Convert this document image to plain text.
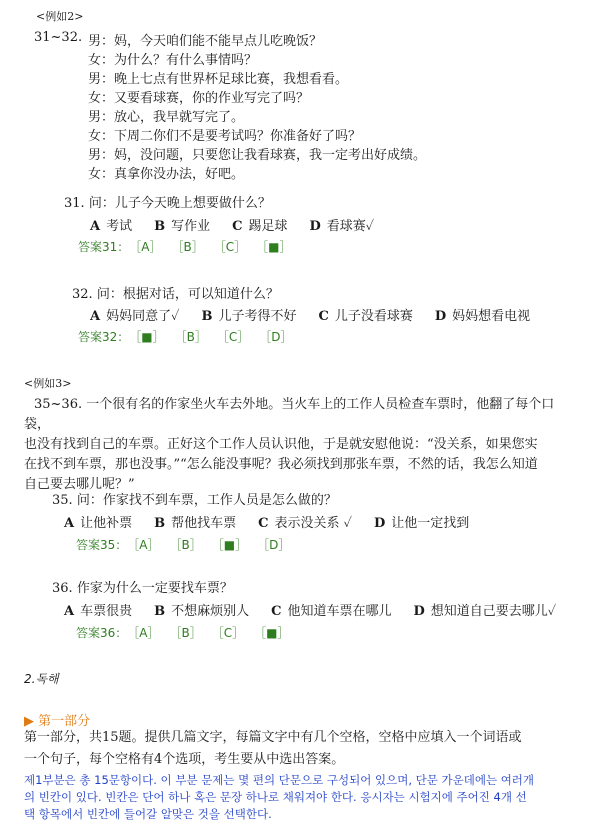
<例如2>
31~32. 男：妈，今天咱们能不能早点儿吃晚饭？
女：为什么？有什么事情吗？
男：晚上七点有世界杯足球比赛，我想看看。
女：又要看球赛，你的作业写完了吗？
男：放心，我早就写完了。
女：下周二你们不是要考试吗？你准备好了吗？
男：妈，没问题，只要您让我看球赛，我一定考出好成绩。
女：真拿你没办法，好吧。
31. 问：儿子今天晚上想要做什么？
A 考试 B 写作业 C 踢足球 D 看球赛✓
答案31： ［A］ ［B］ ［C］ ［■］
32. 问：根据对话，可以知道什么？
A 妈妈同意了✓ B 儿子考得不好 C 儿子没看球赛 D 妈妈想看电视
答案32： ［■］ ［B］ ［C］ ［D］
<例如3>
35~36. 一个很有名的作家坐火车去外地。当火车上的工作人员检查车票时，他翻了每个口袋，
也没有找到自己的车票。正好这个工作人员认识他，于是就安慰他说：“没关系，如果您实
在找不到车票，那也没事。”“怎么能没事呢？我必须找到那张车票，不然的话，我怎么知道
自己要去哪儿呢？”
35. 问：作家找不到车票，工作人员是怎么做的？
A 让他补票 B 帮他找车票 C 表示没关系 ✓ D 让他一定找到
答案35： ［A］ ［B］ ［■］ ［D］
36. 作家为什么一定要找车票？
A 车票很贵 B 不想麻烦别人 C 他知道车票在哪儿 D 想知道自己要去哪儿✓
答案36： ［A］ ［B］ ［C］ ［■］
2.독해
▶ 第一部分
第一部分，共15题。提供几篇文字，每篇文字中有几个空格，空格中应填入一个词语或
一个句子，每个空格有4个选项，考生要从中选出答案。
제1부분은 총 15문항이다. 이 부분 문제는 몇 편의 단문으로 구성되어 있으며, 단문 가운데에는 여러개
의 빈칸이 있다. 빈칸은 단어 하나 혹은 문장 하나로 채워져야 한다. 응시자는 시험지에 주어진 4개 선
택 항목에서 빈칸에 들어갈 알맞은 것을 선택한다.
